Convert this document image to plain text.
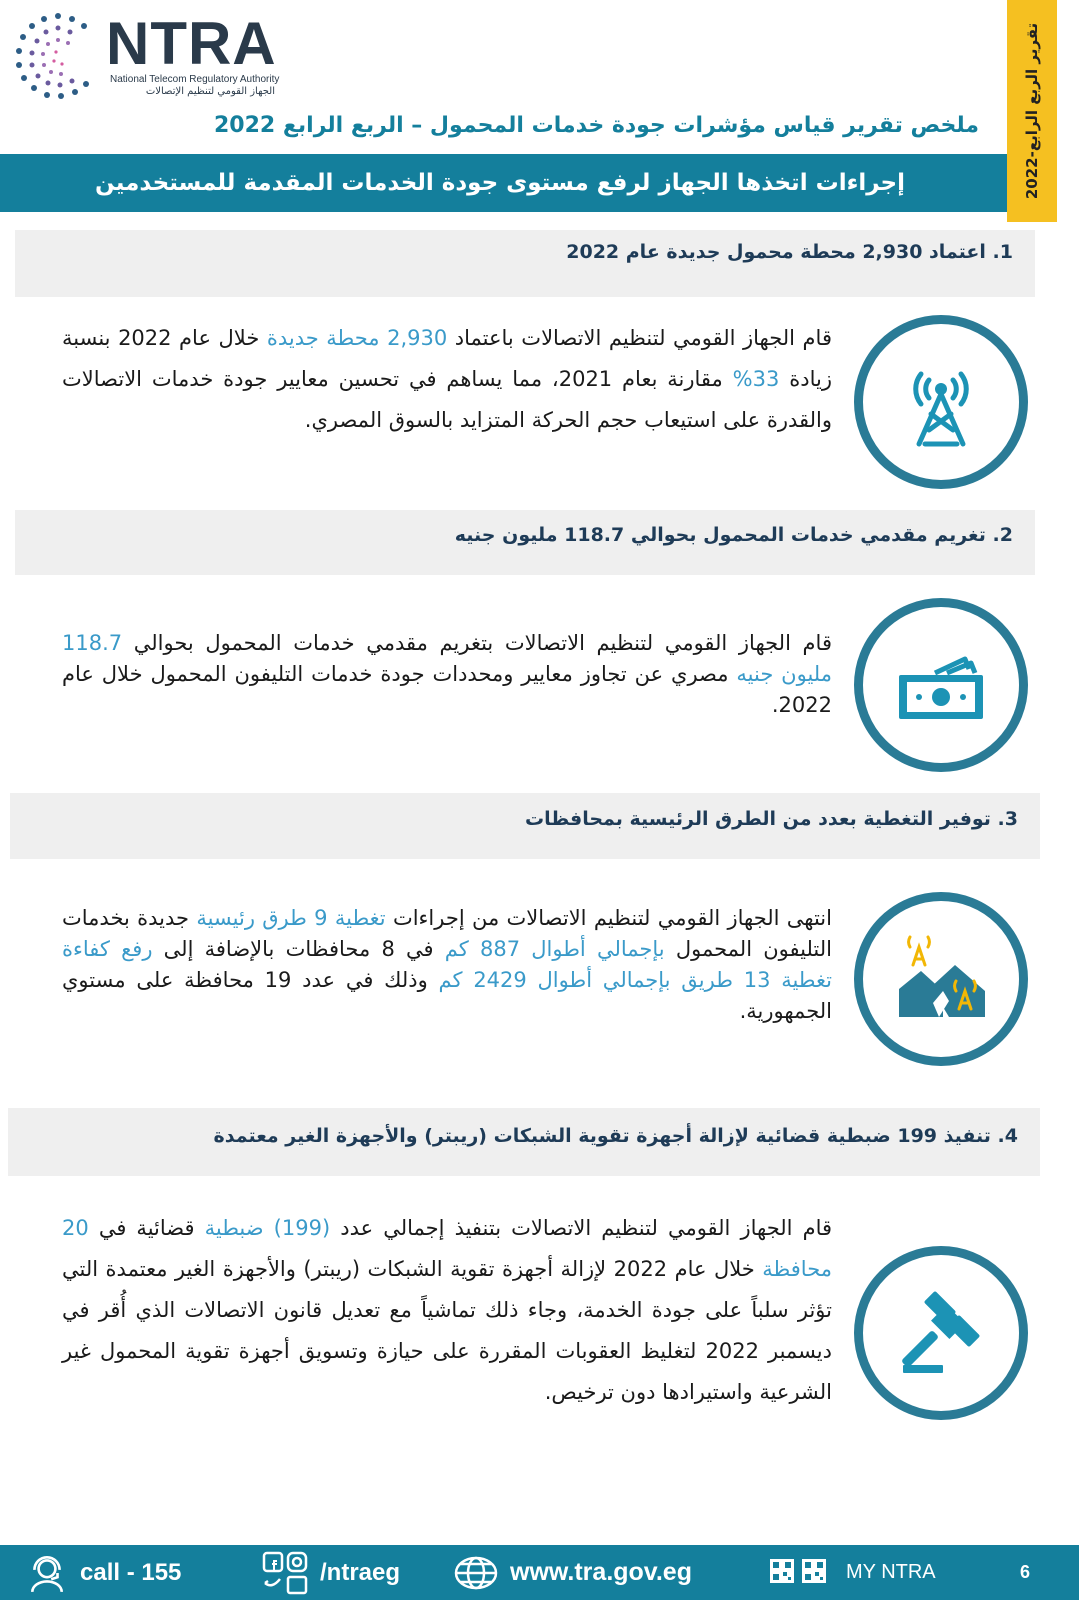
NTRA
National Telecom Regulatory Authority
الجهاز القومي لتنظيم الإتصالات
تقرير الربع الرابع-2022
ملخص تقرير قياس مؤشرات جودة خدمات المحمول – الربع الرابع 2022
إجراءات اتخذها الجهاز لرفع مستوى جودة الخدمات المقدمة للمستخدمين
1. اعتماد 2,930 محطة محمول جديدة عام 2022
قام الجهاز القومي لتنظيم الاتصالات باعتماد 2,930 محطة جديدة خلال عام 2022 بنسبة زيادة 33% مقارنة بعام 2021، مما يساهم في تحسين معايير جودة خدمات الاتصالات والقدرة على استيعاب حجم الحركة المتزايد بالسوق المصري.
2. تغريم مقدمي خدمات المحمول بحوالي 118.7 مليون جنيه
قام الجهاز القومي لتنظيم الاتصالات بتغريم مقدمي خدمات المحمول بحوالي 118.7 مليون جنيه مصري عن تجاوز معايير ومحددات جودة خدمات التليفون المحمول خلال عام 2022.
3. توفير التغطية بعدد من الطرق الرئيسية بمحافظات
انتهى الجهاز القومي لتنظيم الاتصالات من إجراءات تغطية 9 طرق رئيسية جديدة بخدمات التليفون المحمول بإجمالي أطوال 887 كم في 8 محافظات بالإضافة إلى رفع كفاءة تغطية 13 طريق بإجمالي أطوال 2429 كم وذلك في عدد 19 محافظة على مستوي الجمهورية.
4. تنفيذ 199 ضبطية قضائية لإزالة أجهزة تقوية الشبكات (ريبتر) والأجهزة الغير معتمدة
قام الجهاز القومي لتنظيم الاتصالات بتنفيذ إجمالي عدد (199) ضبطية قضائية في 20 محافظة خلال عام 2022 لإزالة أجهزة تقوية الشبكات (ريبتر) والأجهزة الغير معتمدة التي تؤثر سلباً على جودة الخدمة، وجاء ذلك تماشياً مع تعديل قانون الاتصالات الذي أُقر في ديسمبر 2022 لتغليظ العقوبات المقررة على حيازة وتسويق أجهزة تقوية المحمول غير الشرعية واستيرادها دون ترخيص.
call - 155	/ntraeg	www.tra.gov.eg	MY NTRA	6
